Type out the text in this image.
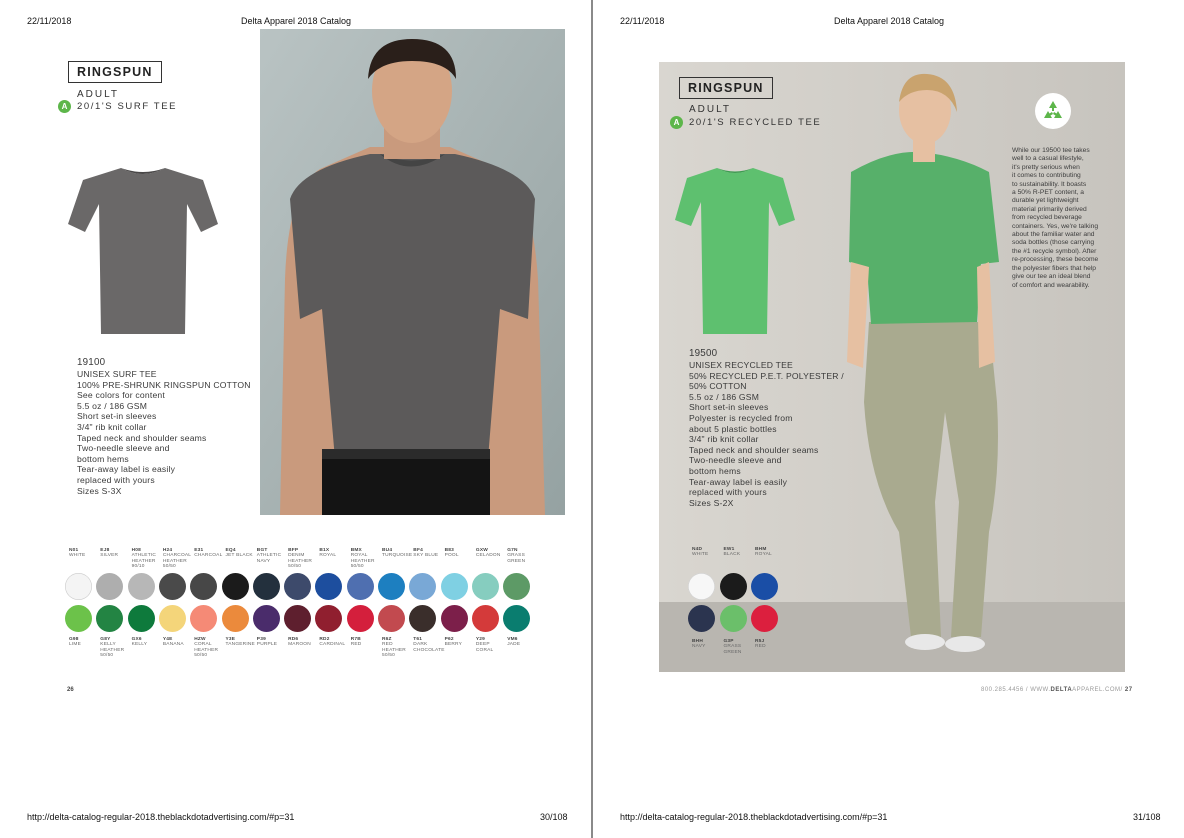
22/11/2018	Delta Apparel 2018 Catalog
RINGSPUN
ADULT
A	20/1'S SURF TEE
19100
UNISEX SURF TEE
100% PRE-SHRUNK RINGSPUN COTTON
See colors for content
5.5 oz / 186 GSM
Short set-in sleeves
3/4" rib knit collar
Taped neck and shoulder seams
Two-needle sleeve and
bottom hems
Tear-away label is easily
replaced with yours
Sizes S-3X
N01
WHITE
EJ8
SILVER
H08
ATHLETIC HEATHER 90/10
H24
CHARCOAL HEATHER 50/50
E31
CHARCOAL
EQ4
JET BLACK
BGT
ATHLETIC NAVY
BFP
DENIM HEATHER 50/50
B1X
ROYAL
BMX
ROYAL HEATHER 50/50
BU4
TURQUOISE
BF4
SKY BLUE
B83
POOL
GXW
CELADON
G7N
GRASS GREEN
G98
LIME
G8Y
KELLY HEATHER 50/50
GX6
KELLY
Y4E
BANANA
HZW
CORAL HEATHER 50/50
Y3E
TANGERINE
P39
PURPLE
RD6
MAROON
RD2
CARDINAL
R7B
RED
R6Z
RED HEATHER 50/50
T61
DARK CHOCOLATE
P62
BERRY
Y29
DEEP CORAL
VM6
JADE
26
http://delta-catalog-regular-2018.theblackdotadvertising.com/#p=31	30/108
22/11/2018	Delta Apparel 2018 Catalog
RINGSPUN
ADULT
A	20/1'S RECYCLED TEE
While our 19500 tee takes
well to a casual lifestyle,
it's pretty serious when
it comes to contributing
to sustainability. It boasts
a 50% R-PET content, a
durable yet lightweight
material primarily derived
from recycled beverage
containers. Yes, we're talking
about the familiar water and
soda bottles (those carrying
the #1 recycle symbol). After
re-processing, these become
the polyester fibers that help
give our tee an ideal blend
of comfort and wearability.
19500
UNISEX RECYCLED TEE
50% RECYCLED P.E.T. POLYESTER /
50% COTTON
5.5 oz / 186 GSM
Short set-in sleeves
Polyester is recycled from
about 5 plastic bottles
3/4" rib knit collar
Taped neck and shoulder seams
Two-needle sleeve and
bottom hems
Tear-away label is easily
replaced with yours
Sizes S-2X
N4D
WHITE
EW1
BLACK
BHM
ROYAL
BHH
NAVY
G3P
GRASS GREEN
R5J
RED
800.285.4456 / WWW.DELTAAPPAREL.COM/ 27
http://delta-catalog-regular-2018.theblackdotadvertising.com/#p=31	31/108
